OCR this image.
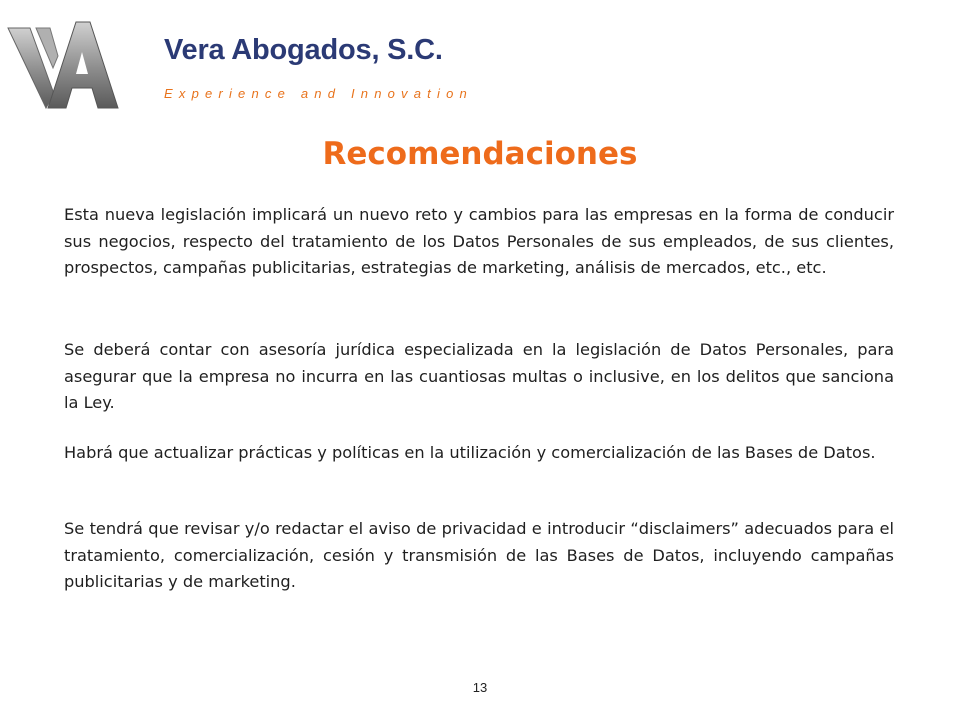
Vera Abogados, S.C.
Experience and Innovation
Recomendaciones

Esta nueva legislación implicará un nuevo reto y cambios para las empresas en la forma de conducir sus negocios, respecto del tratamiento de los Datos Personales de sus empleados, de sus clientes, prospectos, campañas publicitarias, estrategias de marketing, análisis de mercados, etc., etc.

Se deberá contar con asesoría jurídica especializada en la legislación de Datos Personales, para asegurar que la empresa no incurra en las cuantiosas multas o inclusive, en los delitos que sanciona la Ley.

Habrá que actualizar prácticas y políticas en la utilización y comercialización de las Bases de Datos.

Se tendrá que revisar y/o redactar el aviso de privacidad e introducir “disclaimers” adecuados para el tratamiento, comercialización, cesión y transmisión de las Bases de Datos, incluyendo campañas publicitarias y de marketing.

13
